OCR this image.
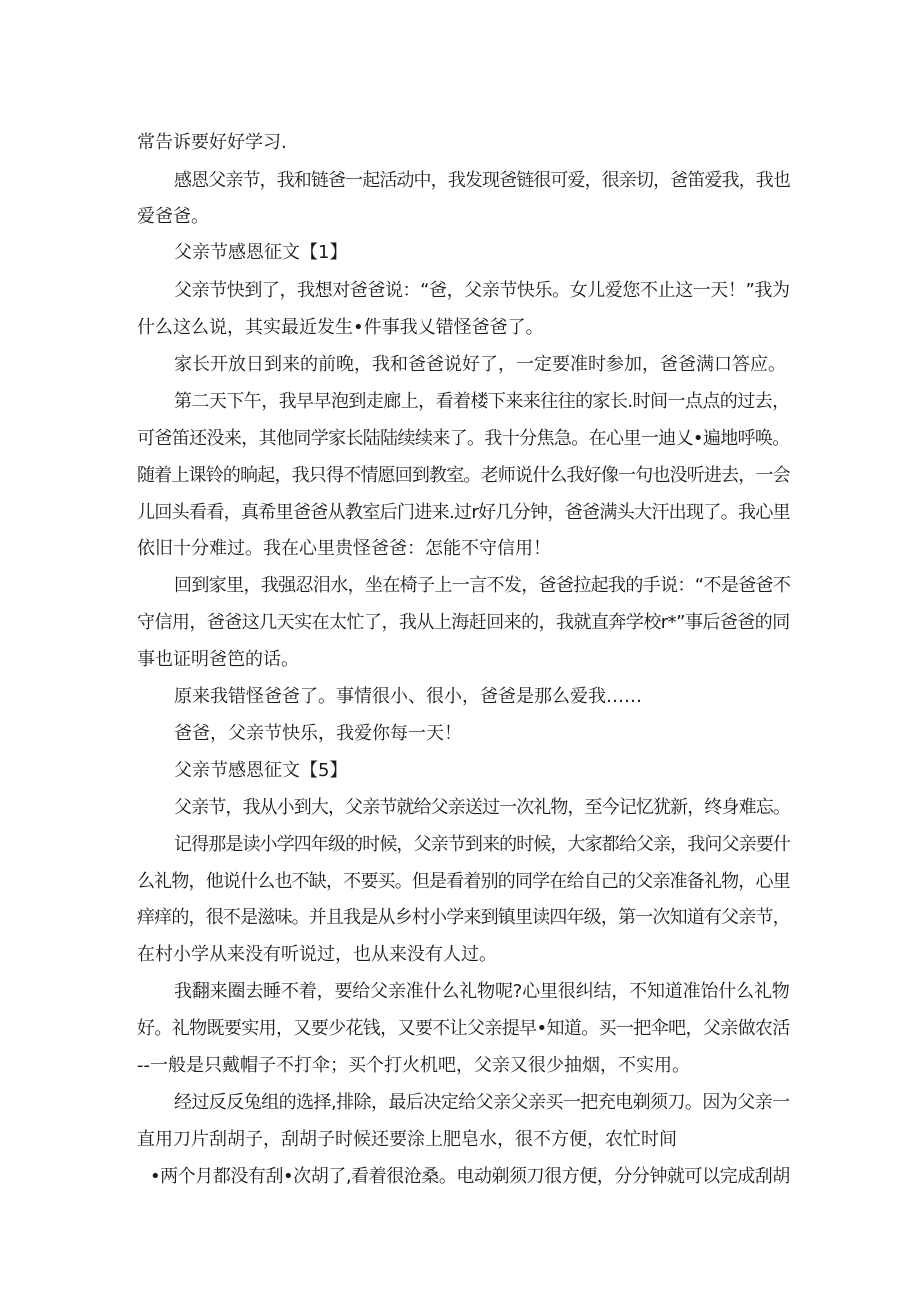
常告诉要好好学习.
感恩父亲节，我和链爸一起活动中，我发现爸链很可爱，很亲切，爸笛爱我，我也
爱爸爸。
父亲节感恩征文【1】
父亲节快到了，我想对爸爸说：“爸，父亲节快乐。女儿爱您不止这一天！”我为
什么这么说，其实最近发生•件事我乂错怪爸爸了。
家长开放日到来的前晚，我和爸爸说好了，一定要准时参加，爸爸满口答应。
第二天下午，我早早泡到走廊上，看着楼下来来往往的家长.时间一点点的过去，
可爸笛还没来，其他同学家长陆陆续续来了。我十分焦急。在心里一迪乂•遍地呼唤。
随着上课铃的晌起，我只得不情愿回到教室。老师说什么我好像一句也没听进去，一会
儿回头看看，真希里爸爸从教室后门进来.过r好几分钟，爸爸满头大汗出现了。我心里
依旧十分难过。我在心里贵怪爸爸：怎能不守信用！
回到家里，我强忍泪水，坐在椅子上一言不发，爸爸拉起我的手说：“不是爸爸不
守信用，爸爸这几天实在太忙了，我从上海赶回来的，我就直奔学校r*”事后爸爸的同
事也证明爸笆的话。
原来我错怪爸爸了。事情很小、很小，爸爸是那么爱我……
爸爸，父亲节快乐，我爱你每一天！
父亲节感恩征文【5】
父亲节，我从小到大，父亲节就给父亲送过一次礼物，至今记忆犹新，终身难忘。
记得那是读小学四年级的时候，父亲节到来的时候，大家都给父亲，我问父亲要什
么礼物，他说什么也不缺，不要买。但是看着别的同学在给自己的父亲准备礼物，心里
痒痒的，很不是滋味。并且我是从乡村小学来到镇里读四年级，第一次知道有父亲节，
在村小学从来没有听说过，也从来没有人过。
我翻来圈去睡不着，要给父亲准什么礼物呢?心里很纠结，不知道准饴什么礼物
好。礼物既要实用，又要少花钱，又要不让父亲提早•知道。买一把伞吧，父亲做农活
--一般是只戴帽子不打伞；买个打火机吧，父亲又很少抽烟，不实用。
经过反反兔组的选择,排除，最后决定给父亲父亲买一把充电剃须刀。因为父亲一
直用刀片刮胡子，刮胡子时候还要涂上肥皂水，很不方便，农忙时间
•两个月都没有刮•次胡了,看着很沧桑。电动剃须刀很方便，分分钟就可以完成刮胡
